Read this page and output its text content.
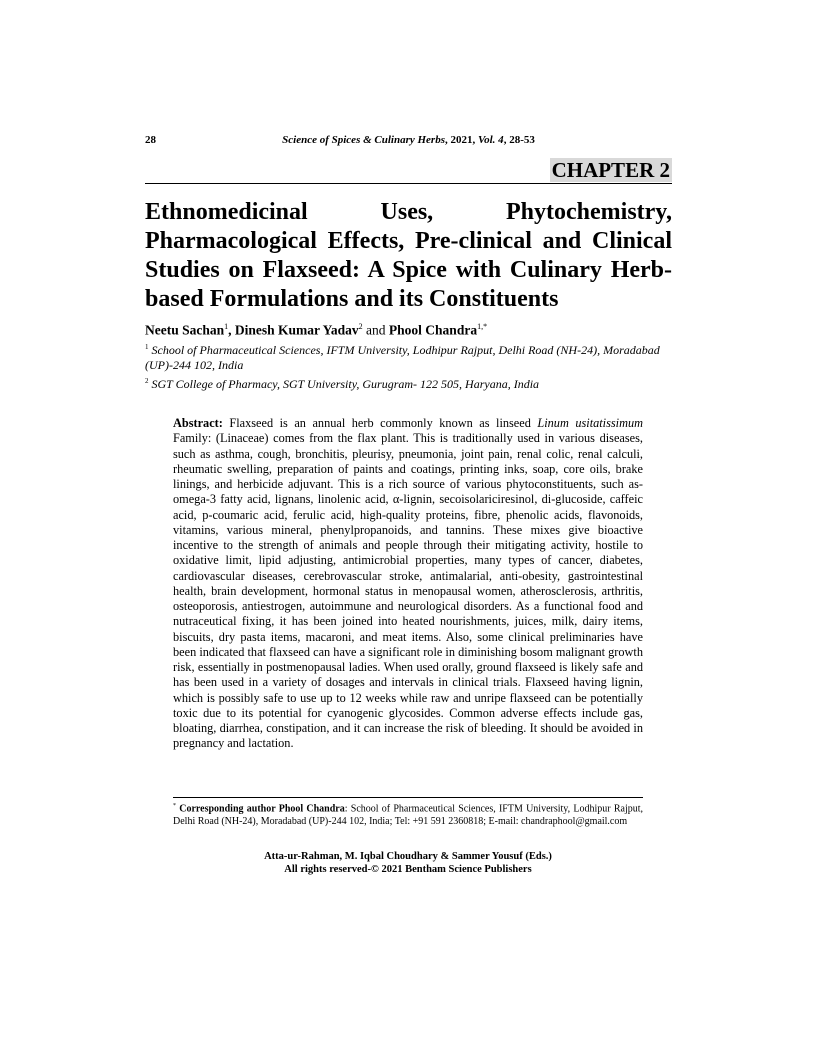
28	Science of Spices & Culinary Herbs, 2021, Vol. 4, 28-53
CHAPTER 2
Ethnomedicinal	Uses,	Phytochemistry,
Pharmacological Effects, Pre-clinical and Clinical
Studies on Flaxseed: A Spice with Culinary Herb-
based Formulations and its Constituents
Neetu Sachan$^1$, Dinesh Kumar Yadav$^2$ and Phool Chandra$^{1,*}$
$^1$ School of Pharmaceutical Sciences, IFTM University, Lodhipur Rajput, Delhi Road (NH-24), Moradabad (UP)-244 102, India
$^2$ SGT College of Pharmacy, SGT University, Gurugram- 122 505, Haryana, India

Abstract: Flaxseed is an annual herb commonly known as linseed Linum usitatissimum Family: (Linaceae) comes from the flax plant. This is traditionally used in various diseases, such as asthma, cough, bronchitis, pleurisy, pneumonia, joint pain, renal colic, renal calculi, rheumatic swelling, preparation of paints and coatings, printing inks, soap, core oils, brake linings, and herbicide adjuvant. This is a rich source of various phytoconstituents, such as- omega-3 fatty acid, lignans, linolenic acid, α-lignin, secoisolariciresinol, di-glucoside, caffeic acid, p-coumaric acid, ferulic acid, high-quality proteins, fibre, phenolic acids, flavonoids, vitamins, various mineral, phenylpropanoids, and tannins. These mixes give bioactive incentive to the strength of animals and people through their mitigating activity, hostile to oxidative limit, lipid adjusting, antimicrobial properties, many types of cancer, diabetes, cardiovascular diseases, cerebrovascular stroke, antimalarial, anti-obesity, gastrointestinal health, brain development, hormonal status in menopausal women, atherosclerosis, arthritis, osteoporosis, antiestrogen, autoimmune and neurological disorders. As a functional food and nutraceutical fixing, it has been joined into heated nourishments, juices, milk, dairy items, biscuits, dry pasta items, macaroni, and meat items. Also, some clinical preliminaries have been indicated that flaxseed can have a significant role in diminishing bosom malignant growth risk, essentially in postmenopausal ladies. When used orally, ground flaxseed is likely safe and has been used in a variety of dosages and intervals in clinical trials. Flaxseed having lignin, which is possibly safe to use up to 12 weeks while raw and unripe flaxseed can be potentially toxic due to its potential for cyanogenic glycosides. Common adverse effects include gas, bloating, diarrhea, constipation, and it can increase the risk of bleeding. It should be avoided in pregnancy and lactation.

* Corresponding author Phool Chandra: School of Pharmaceutical Sciences, IFTM University, Lodhipur Rajput, Delhi Road (NH-24), Moradabad (UP)-244 102, India; Tel: +91 591 2360818; E-mail: chandraphool@gmail.com
Atta-ur-Rahman, M. Iqbal Choudhary & Sammer Yousuf (Eds.)
All rights reserved-© 2021 Bentham Science Publishers
